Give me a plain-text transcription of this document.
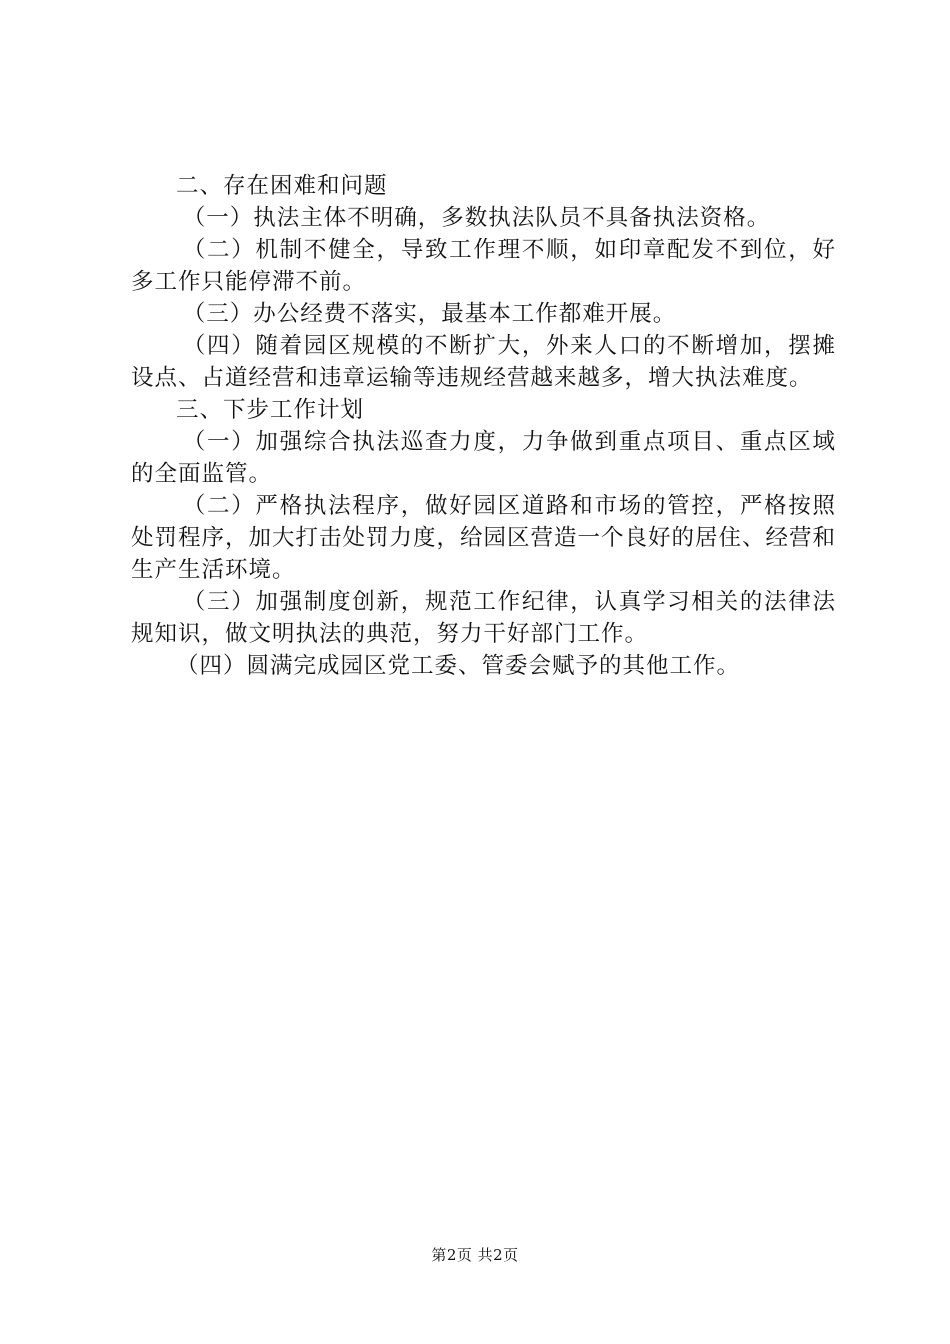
二、存在困难和问题

（一）执法主体不明确，多数执法队员不具备执法资格。

（二）机制不健全，导致工作理不顺，如印章配发不到位，好多工作只能停滞不前。

（三）办公经费不落实，最基本工作都难开展。

（四）随着园区规模的不断扩大，外来人口的不断增加，摆摊设点、占道经营和违章运输等违规经营越来越多，增大执法难度。

三、下步工作计划

（一）加强综合执法巡查力度，力争做到重点项目、重点区域的全面监管。

（二）严格执法程序，做好园区道路和市场的管控，严格按照处罚程序，加大打击处罚力度，给园区营造一个良好的居住、经营和生产生活环境。

（三）加强制度创新，规范工作纪律，认真学习相关的法律法规知识，做文明执法的典范，努力干好部门工作。

（四）圆满完成园区党工委、管委会赋予的其他工作。

第2页 共2页
